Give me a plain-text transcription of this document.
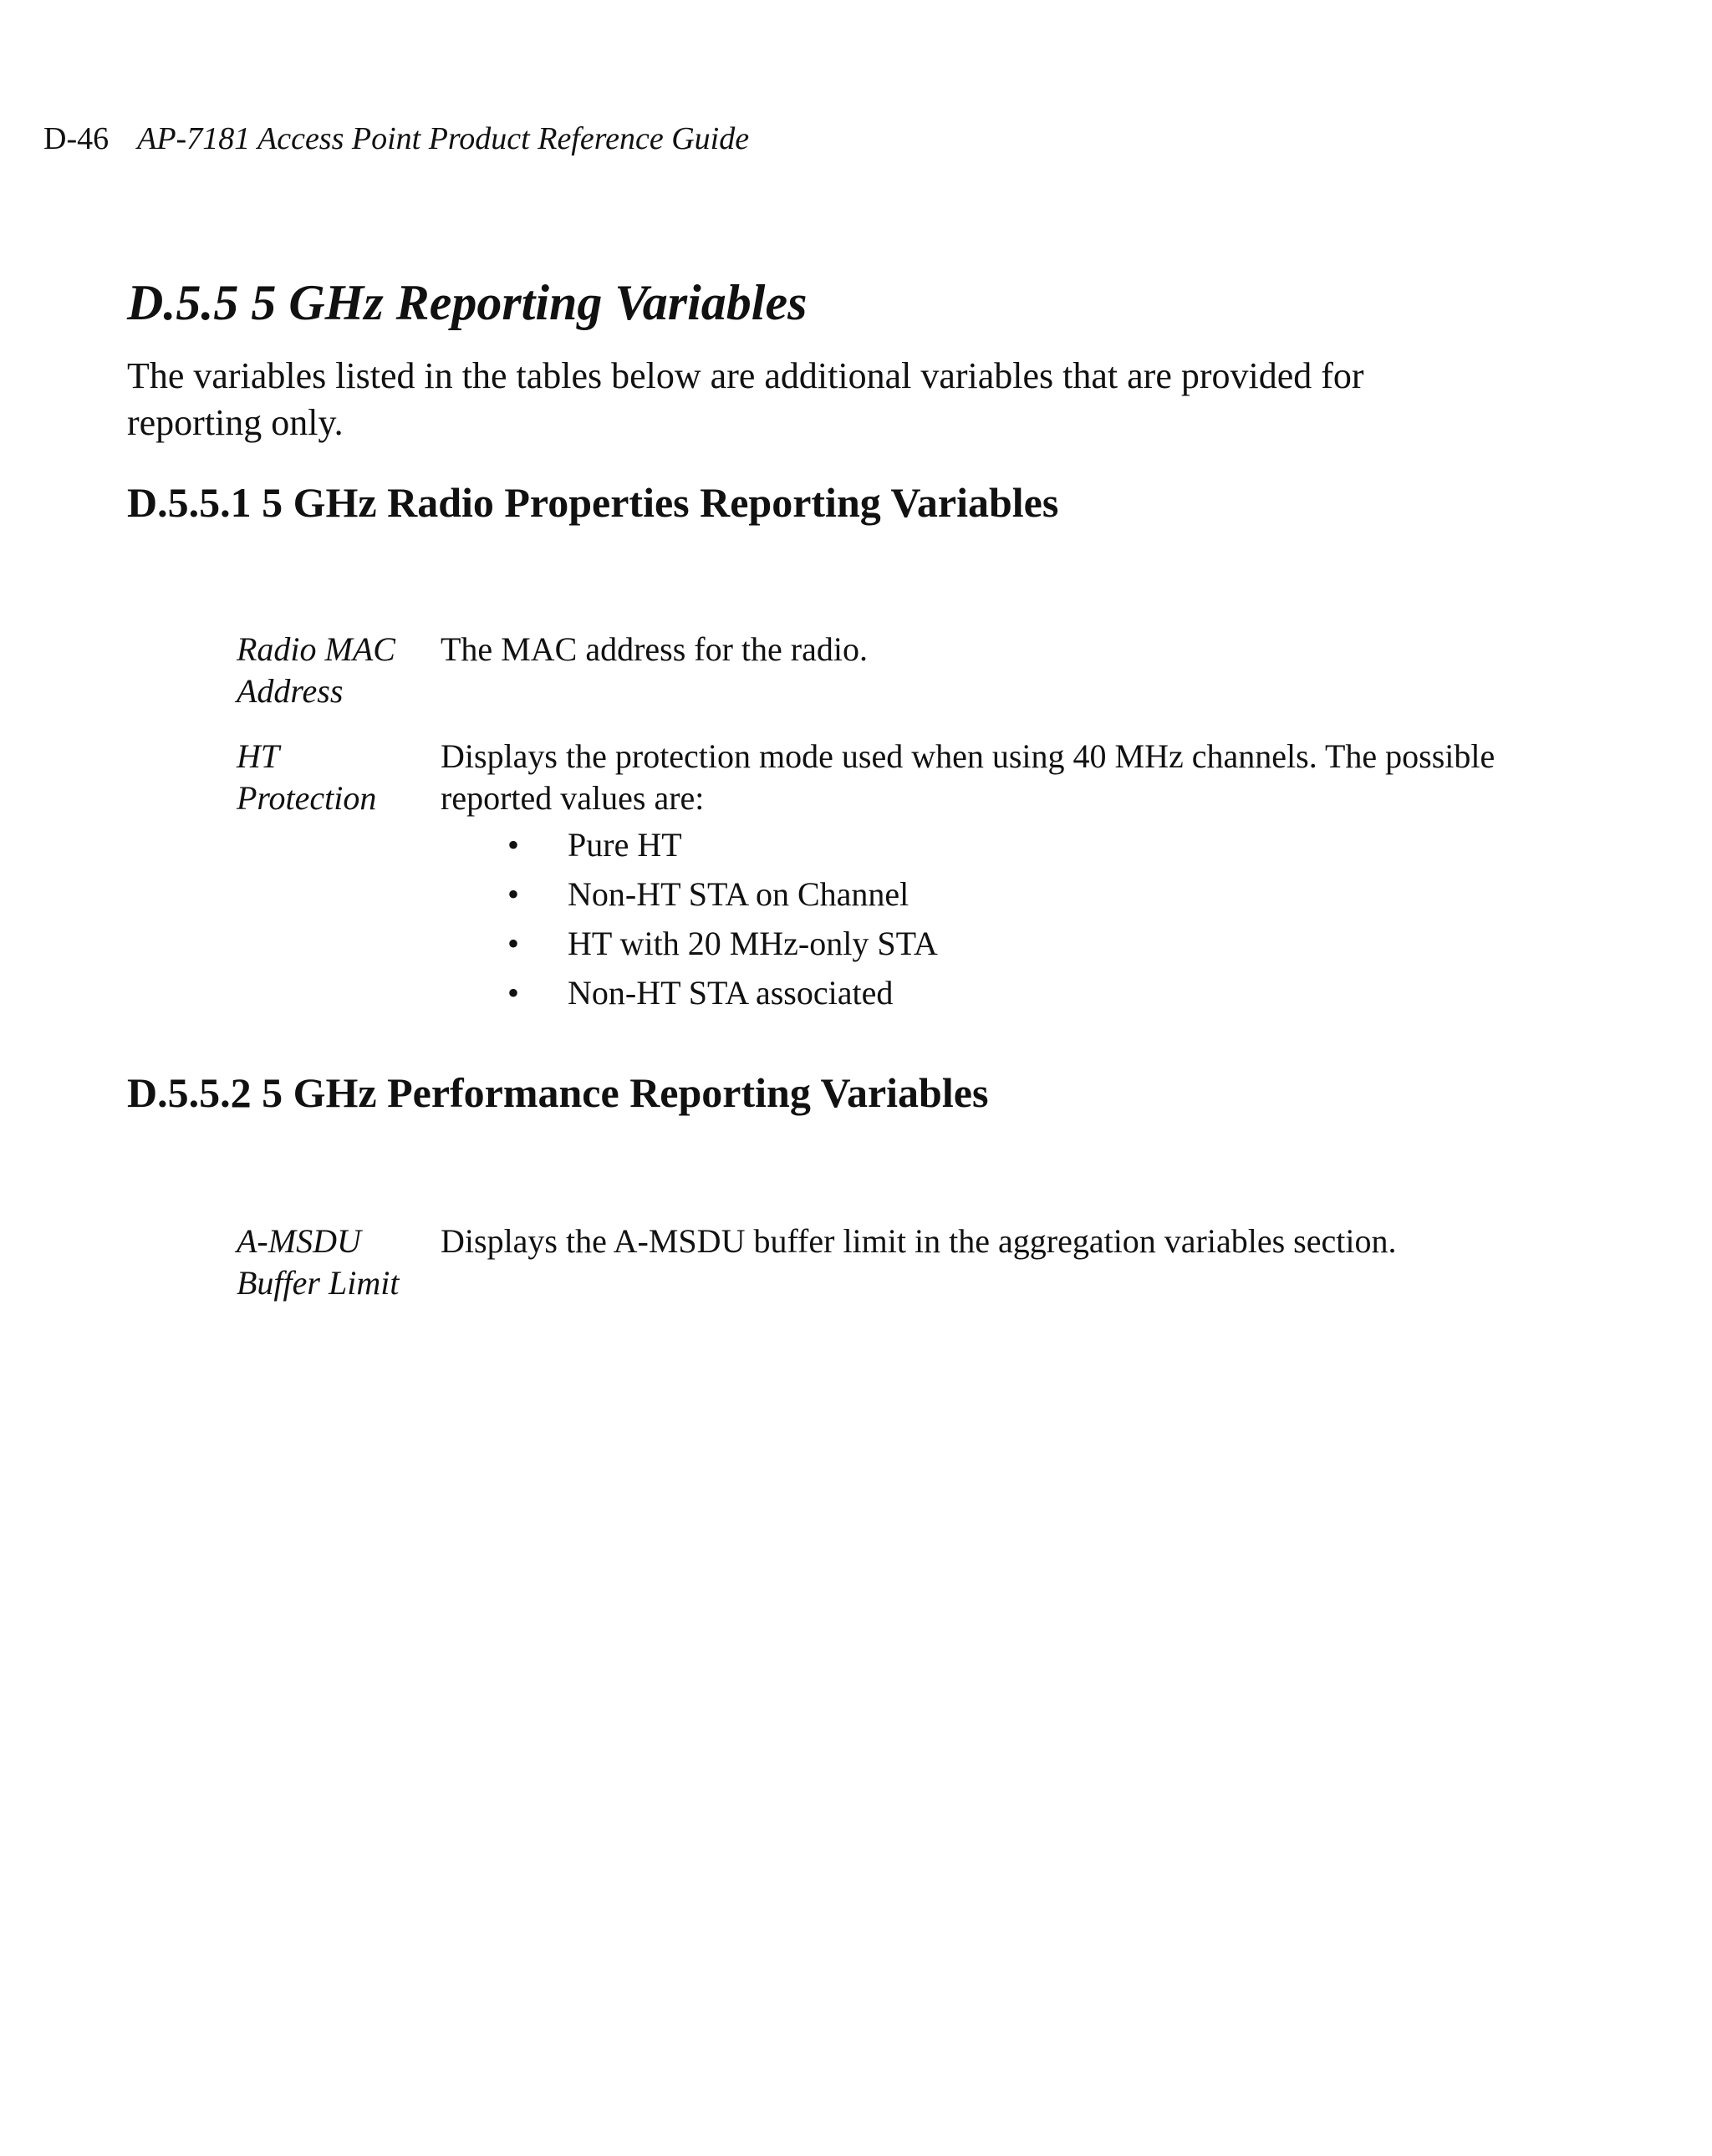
D-46 AP-7181 Access Point Product Reference Guide
D.5.5 5 GHz Reporting Variables

The variables listed in the tables below are additional variables that are provided for reporting only.

D.5.5.1 5 GHz Radio Properties Reporting Variables
Radio MAC
Address
The MAC address for the radio.
HT
Protection
Displays the protection mode used when using 40 MHz channels. The possible reported values are:
• Pure HT
• Non-HT STA on Channel
• HT with 20 MHz-only STA
• Non-HT STA associated
D.5.5.2 5 GHz Performance Reporting Variables
A-MSDU
Buffer Limit
Displays the A-MSDU buffer limit in the aggregation variables section.
